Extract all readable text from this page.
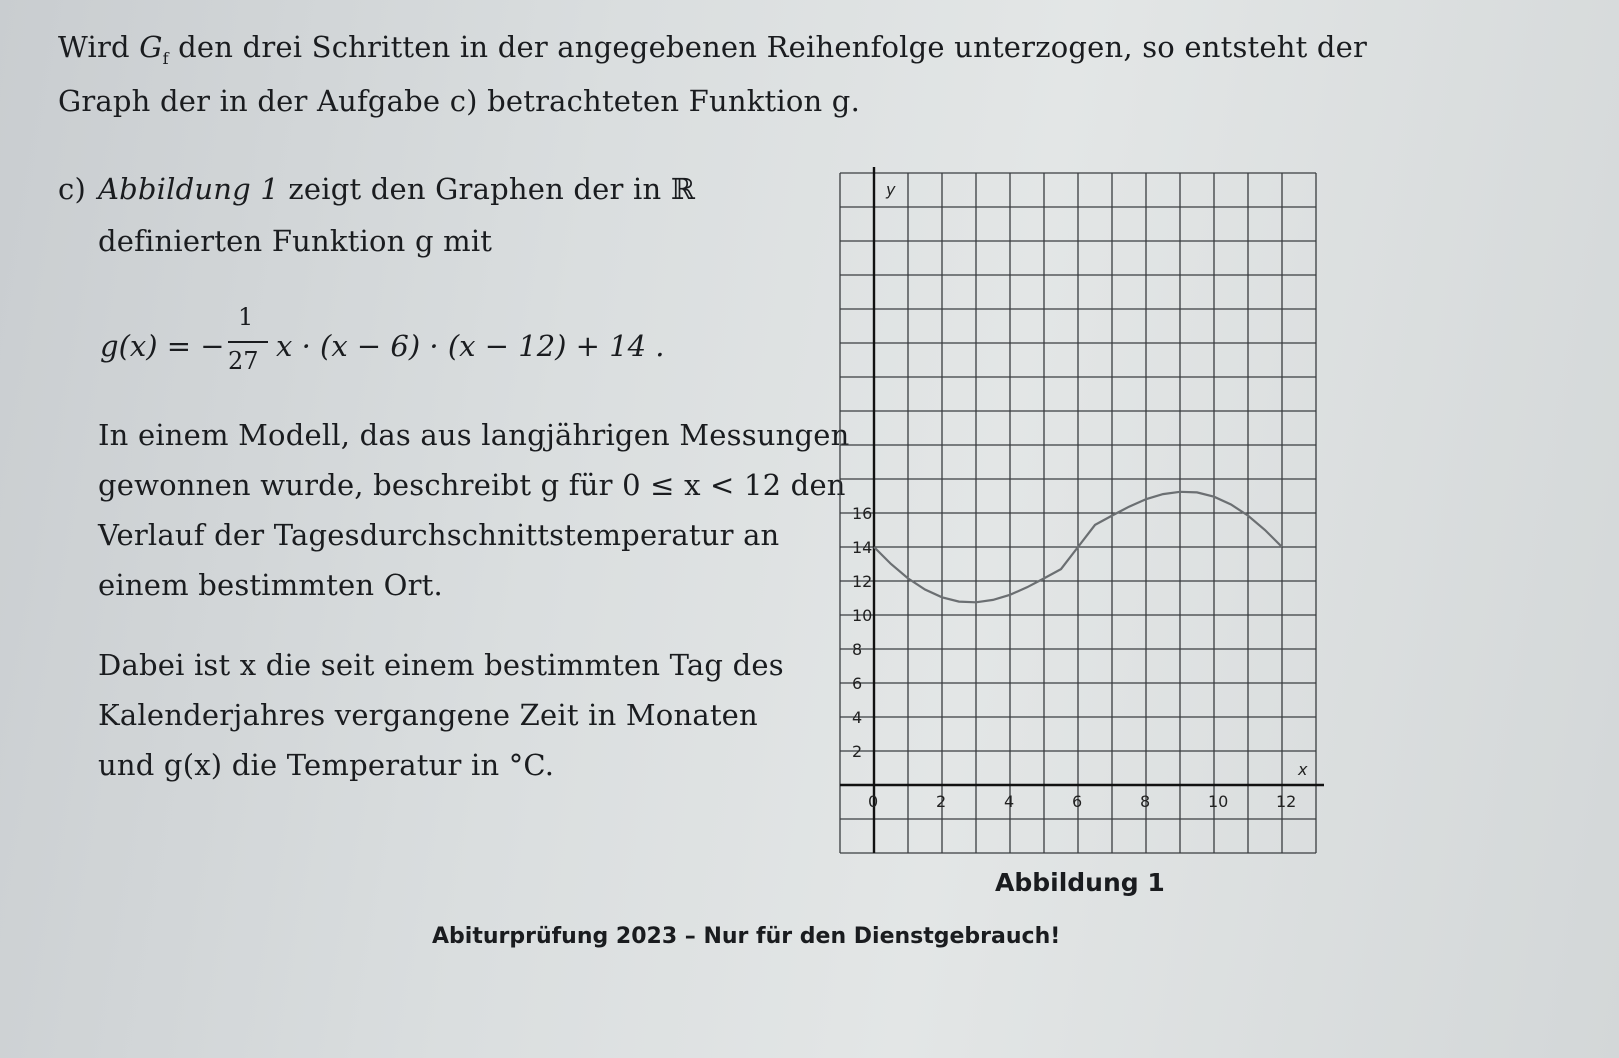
Wird $G_f$ den drei Schritten in der angegebenen Reihenfolge unterzogen, so entsteht der
Graph der in der Aufgabe c) betrachteten Funktion g.
c) Abbildung 1 zeigt den Graphen der in ℝ
definierten Funktion g mit
g(x) = −
1
27 x · (x − 6) · (x − 12) + 14 .
In einem Modell, das aus langjährigen Messungen
gewonnen wurde, beschreibt g für 0 ≤ x < 12 den
Verlauf der Tagesdurchschnittstemperatur an
einem bestimmten Ort.
Dabei ist x die seit einem bestimmten Tag des
Kalenderjahres vergangene Zeit in Monaten
und g(x) die Temperatur in °C.
0	2	4	6	8	10	12
2
4
6
8
10
12
14
16
x
y
Abbildung 1
Abiturprüfung 2023 – Nur für den Dienstgebrauch!
